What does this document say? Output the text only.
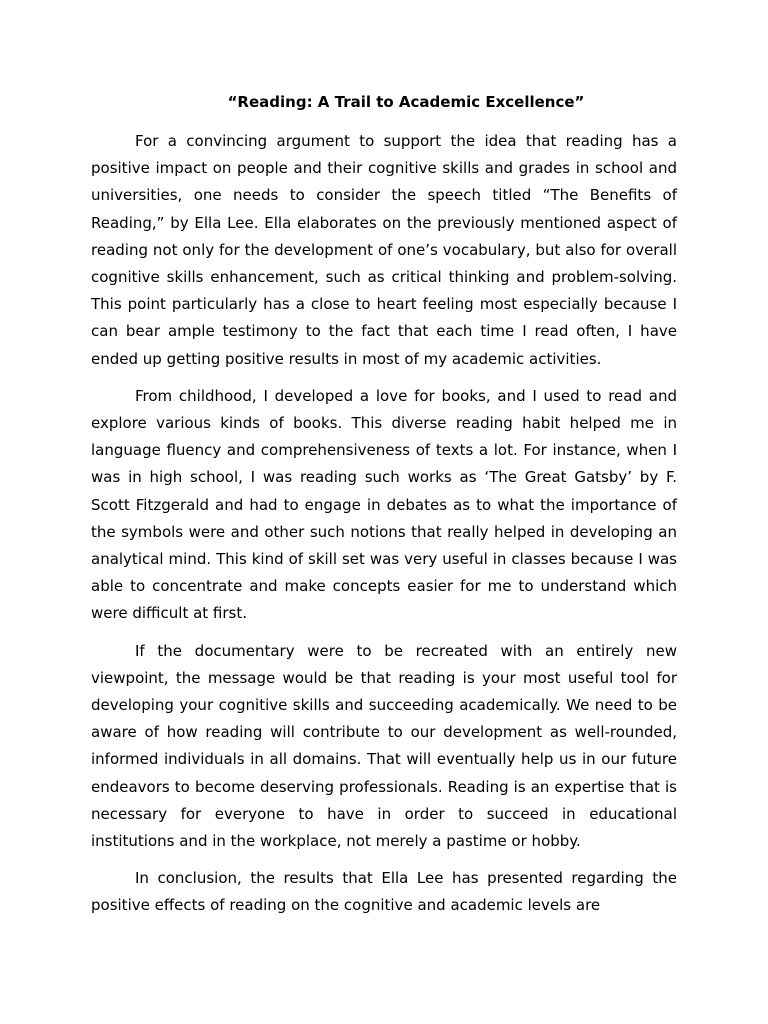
“Reading: A Trail to Academic Excellence”

For a convincing argument to support the idea that reading has a positive impact on people and their cognitive skills and grades in school and universities, one needs to consider the speech titled “The Benefits of Reading,” by Ella Lee. Ella elaborates on the previously mentioned aspect of reading not only for the development of one’s vocabulary, but also for overall cognitive skills enhancement, such as critical thinking and problem-solving. This point particularly has a close to heart feeling most especially because I can bear ample testimony to the fact that each time I read often, I have ended up getting positive results in most of my academic activities.

From childhood, I developed a love for books, and I used to read and explore various kinds of books. This diverse reading habit helped me in language fluency and comprehensiveness of texts a lot. For instance, when I was in high school, I was reading such works as ‘The Great Gatsby’ by F. Scott Fitzgerald and had to engage in debates as to what the importance of the symbols were and other such notions that really helped in developing an analytical mind. This kind of skill set was very useful in classes because I was able to concentrate and make concepts easier for me to understand which were difficult at first.

If the documentary were to be recreated with an entirely new viewpoint, the message would be that reading is your most useful tool for developing your cognitive skills and succeeding academically. We need to be aware of how reading will contribute to our development as well-rounded, informed individuals in all domains. That will eventually help us in our future endeavors to become deserving professionals. Reading is an expertise that is necessary for everyone to have in order to succeed in educational institutions and in the workplace, not merely a pastime or hobby.

In conclusion, the results that Ella Lee has presented regarding the positive effects of reading on the cognitive and academic levels are
